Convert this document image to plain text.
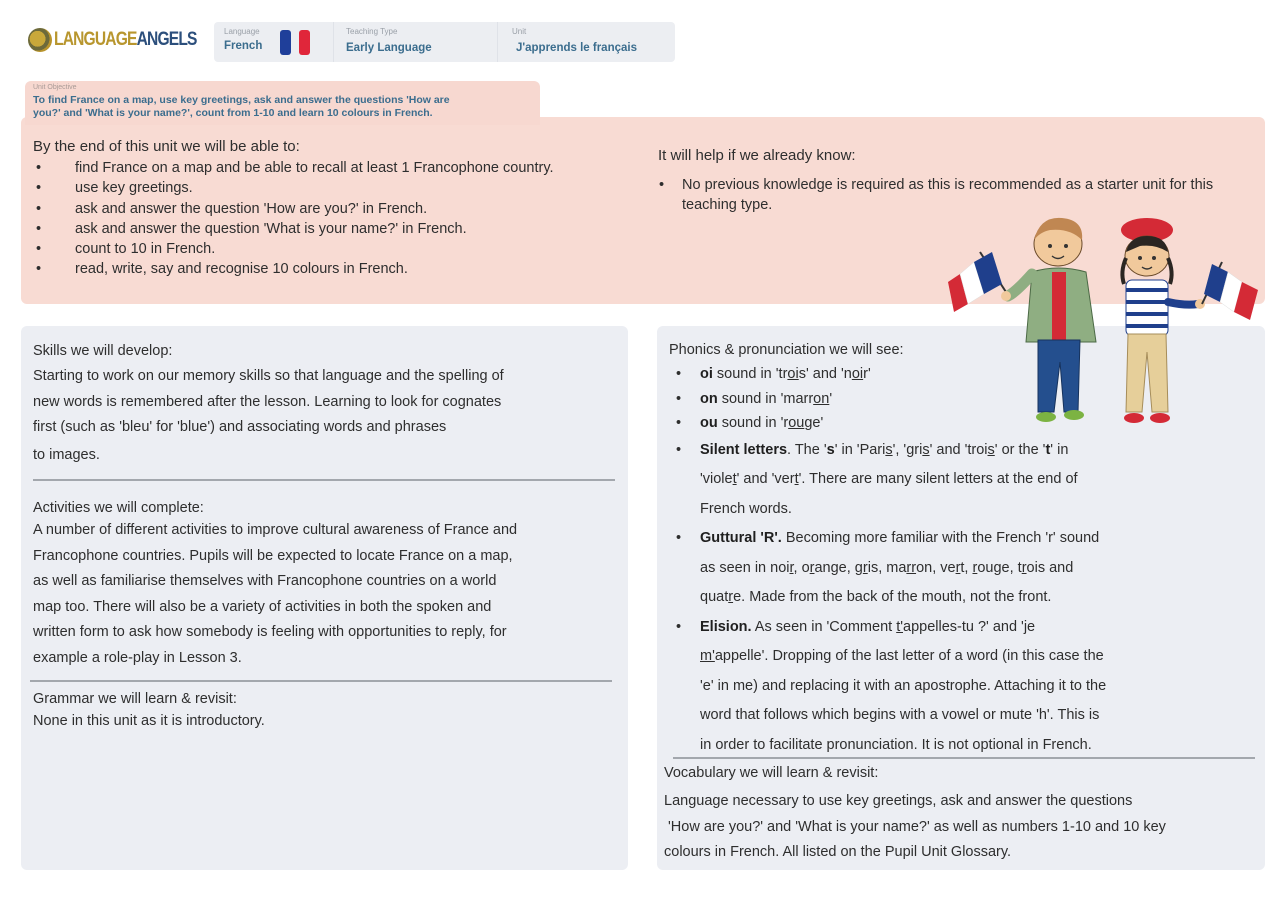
LANGUAGEANGELS	Language
French
Teaching Type
Early Language
Unit
J'apprends le français
Unit Objective
To find France on a map, use key greetings, ask and answer the questions 'How are
you?' and 'What is your name?', count from 1-10 and learn 10 colours in French.
By the end of this unit we will be able to:
• find France on a map and be able to recall at least 1 Francophone country.
• use key greetings.
• ask and answer the question 'How are you?' in French.
• ask and answer the question 'What is your name?' in French.
• count to 10 in French.
• read, write, say and recognise 10 colours in French.
It will help if we already know:
• No previous knowledge is required as this is recommended as a starter unit for this teaching type.
Skills we will develop:
Starting to work on our memory skills so that language and the spelling of
new words is remembered after the lesson. Learning to look for cognates
first (such as 'bleu' for 'blue') and associating words and phrases
to images.
Activities we will complete:
A number of different activities to improve cultural awareness of France and
Francophone countries. Pupils will be expected to locate France on a map,
as well as familiarise themselves with Francophone countries on a world
map too. There will also be a variety of activities in both the spoken and
written form to ask how somebody is feeling with opportunities to reply, for
example a role-play in Lesson 3.
Grammar we will learn & revisit:
None in this unit as it is introductory.
Phonics & pronunciation we will see:
• oi sound in 'trois' and 'noir'
• on sound in 'marron'
• ou sound in 'rouge'
• Silent letters. The 's' in 'Paris', 'gris' and 'trois' or the 't' in
'violet' and 'vert'. There are many silent letters at the end of
French words.
• Guttural 'R'. Becoming more familiar with the French 'r' sound
as seen in noir, orange, gris, marron, vert, rouge, trois and
quatre. Made from the back of the mouth, not the front.
• Elision. As seen in 'Comment t'appelles-tu ?' and 'je
m'appelle'. Dropping of the last letter of a word (in this case the
'e' in me) and replacing it with an apostrophe. Attaching it to the
word that follows which begins with a vowel or mute 'h'. This is
in order to facilitate pronunciation. It is not optional in French.
Vocabulary we will learn & revisit:
Language necessary to use key greetings, ask and answer the questions
'How are you?' and 'What is your name?' as well as numbers 1-10 and 10 key
colours in French. All listed on the Pupil Unit Glossary.
